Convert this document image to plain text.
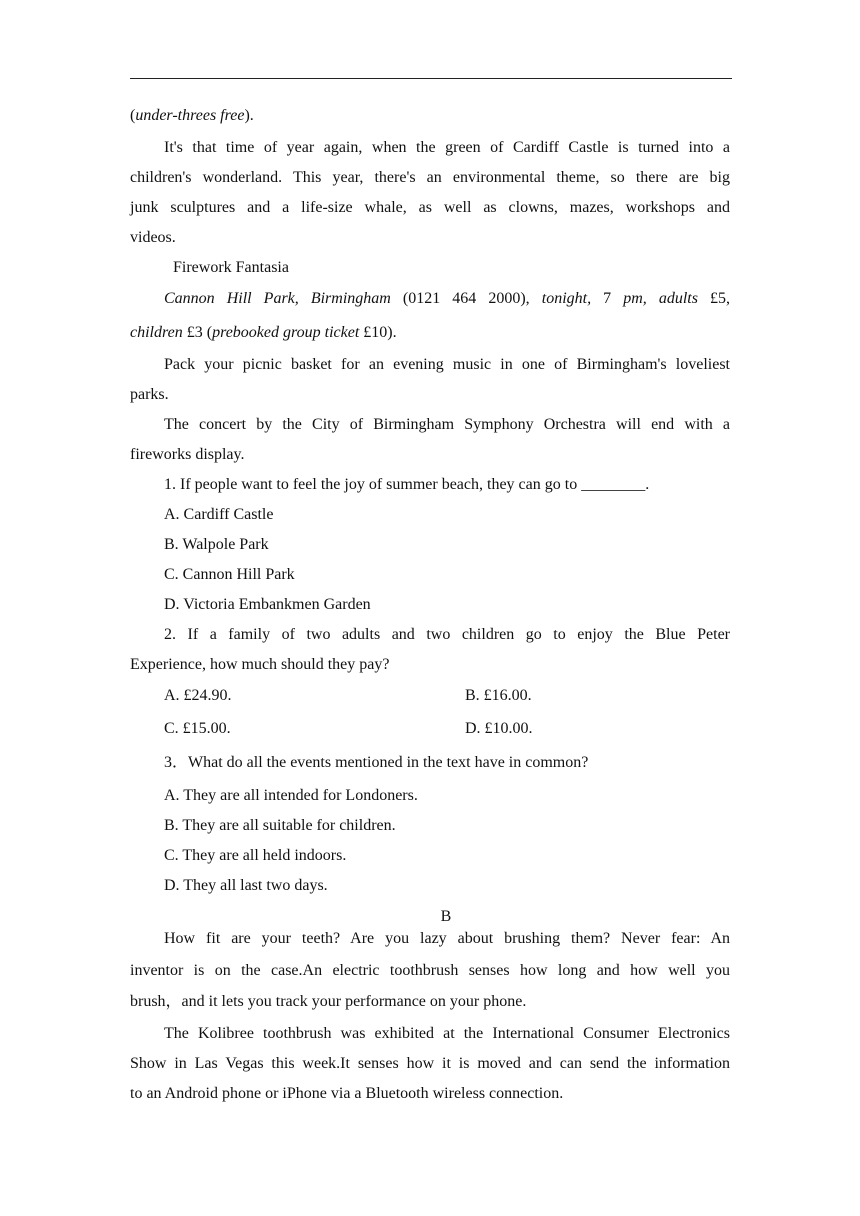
(under-threes free).
It's that time of year again, when the green of Cardiff Castle is turned into a
children's wonderland. This year, there's an environmental theme, so there are big
junk sculptures and a life-size whale, as well as clowns, mazes, workshops and
videos.
Firework Fantasia
Cannon Hill Park, Birmingham (0121 464 2000), tonight, 7 pm, adults £5,
children £3 (prebooked group ticket £10).
Pack your picnic basket for an evening music in one of Birmingham's loveliest
parks.
The concert by the City of Birmingham Symphony Orchestra will end with a
fireworks display.
1. If people want to feel the joy of summer beach, they can go to ________.
A. Cardiff Castle
B. Walpole Park
C. Cannon Hill Park
D. Victoria Embankmen Garden
2. If a family of two adults and two children go to enjoy the Blue Peter
Experience, how much should they pay?
A. £24.90.	B. £16.00.
C. £15.00.	D. £10.00.
3．What do all the events mentioned in the text have in common?
A. They are all intended for Londoners.
B. They are all suitable for children.
C. They are all held indoors.
D. They all last two days.
B
How fit are your teeth? Are you lazy about brushing them? Never fear: An
inventor is on the case.An electric toothbrush senses how long and how well you
brush，and it lets you track your performance on your phone.
The Kolibree toothbrush was exhibited at the International Consumer Electronics
Show in Las Vegas this week.It senses how it is moved and can send the information
to an Android phone or iPhone via a Bluetooth wireless connection.
